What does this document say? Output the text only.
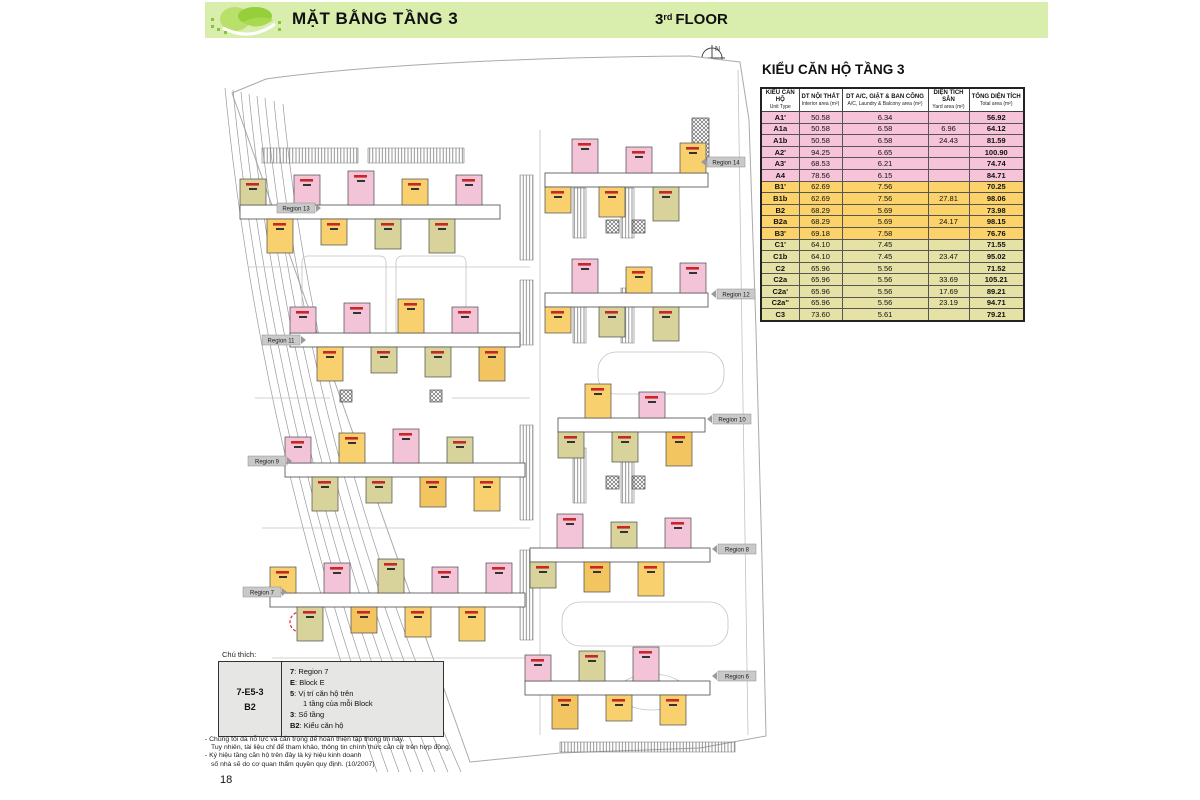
MẶT BẰNG TẦNG 3	3rd FLOOR
N
Region 14
Region 13
Region 12
Region 11
Region 10
Region 9
Region 8
Region 7
Region 6
KIỂU CĂN HỘ TẦNG 3
KIỂU CĂN HỘ
Unit Type

DT NỘI THẤT
Interior area (m²)

DT A/C, GIẶT & BAN CÔNG
A/C, Laundry & Balcony area (m²)

DIỆN TÍCH SÂN
Yard area (m²)

TỔNG DIỆN TÍCH
Total area (m²)

A1'	50.58	6.34		56.92
A1a	50.58	6.58	6.96	64.12
A1b	50.58	6.58	24.43	81.59
A2'	94.25	6.65		100.90
A3'	68.53	6.21		74.74
A4	78.56	6.15		84.71
B1'	62.69	7.56		70.25
B1b	62.69	7.56	27.81	98.06
B2	68.29	5.69		73.98
B2a	68.29	5.69	24.17	98.15
B3'	69.18	7.58		76.76
C1'	64.10	7.45		71.55
C1b	64.10	7.45	23.47	95.02
C2	65.96	5.56		71.52
C2a	65.96	5.56	33.69	105.21
C2a'	65.96	5.56	17.69	89.21
C2a''	65.96	5.56	23.19	94.71
C3	73.60	5.61		79.21
Chú thích:
7-E5-3
B2
7: Region 7
E: Block E
5: Vị trí căn hộ trên
1 tầng của mỗi Block
3: Số tầng
B2: Kiểu căn hộ
- Chúng tôi đã nỗ lực và cẩn trọng để hoàn thiện tập thông tin này.
Tuy nhiên, tài liệu chỉ để tham khảo, thông tin chính thức căn cứ trên hợp đồng.
- Ký hiệu tầng căn hộ trên đây là ký hiệu kinh doanh
số nhà sẽ do cơ quan thẩm quyền quy định. (10/2007)
18
